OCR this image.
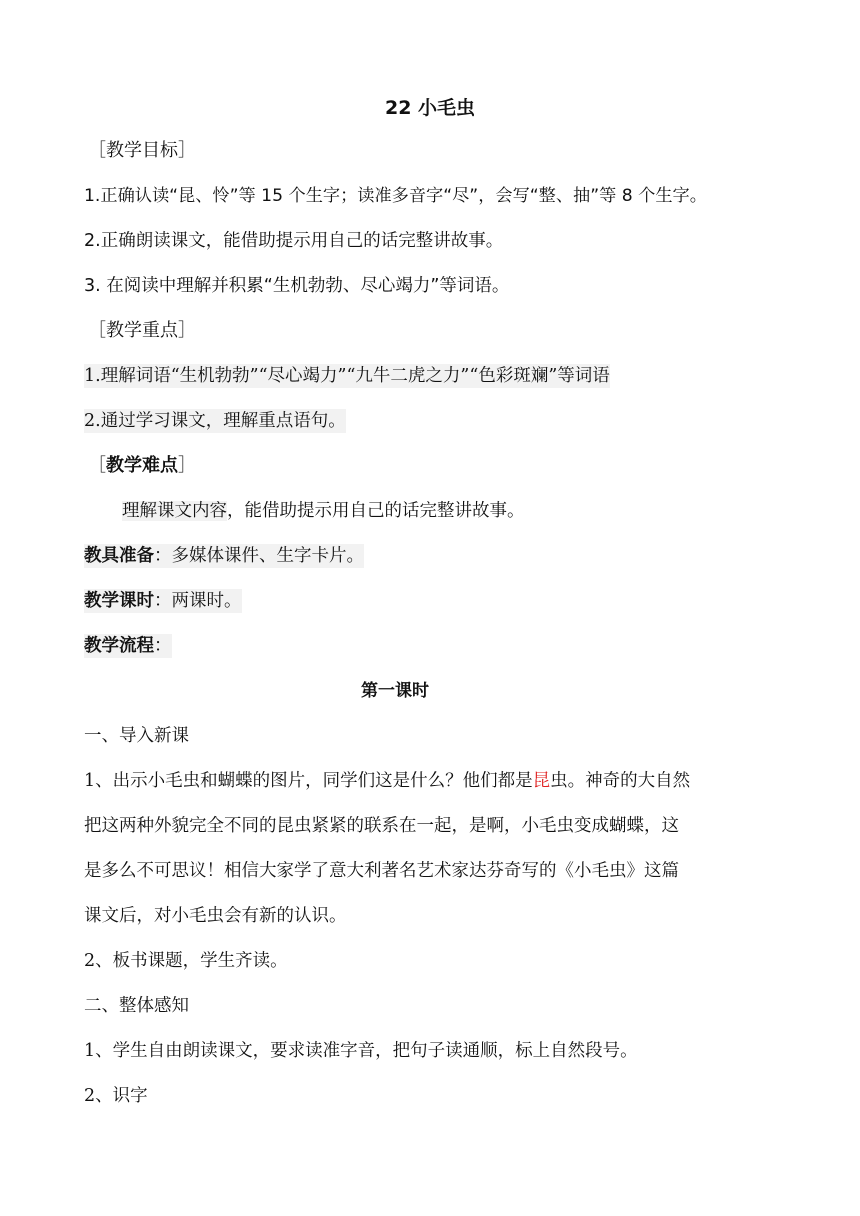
22 小毛虫
［教学目标］
1.正确认读“昆、怜”等 15 个生字；读准多音字“尽”，会写“整、抽”等 8 个生字。
2.正确朗读课文，能借助提示用自己的话完整讲故事。
3. 在阅读中理解并积累“生机勃勃、尽心竭力”等词语。
［教学重点］
1.理解词语“生机勃勃”“尽心竭力”“九牛二虎之力”“色彩斑斓”等词语
2.通过学习课文，理解重点语句。
［教学难点］
理解课文内容，能借助提示用自己的话完整讲故事。
教具准备：多媒体课件、生字卡片。
教学课时：两课时。
教学流程：
第一课时
一、导入新课
1、出示小毛虫和蝴蝶的图片，同学们这是什么？他们都是昆虫。神奇的大自然
把这两种外貌完全不同的昆虫紧紧的联系在一起，是啊，小毛虫变成蝴蝶，这
是多么不可思议！相信大家学了意大利著名艺术家达芬奇写的《小毛虫》这篇
课文后，对小毛虫会有新的认识。
2、板书课题，学生齐读。
二、整体感知
1、学生自由朗读课文，要求读准字音，把句子读通顺，标上自然段号。
2、识字
